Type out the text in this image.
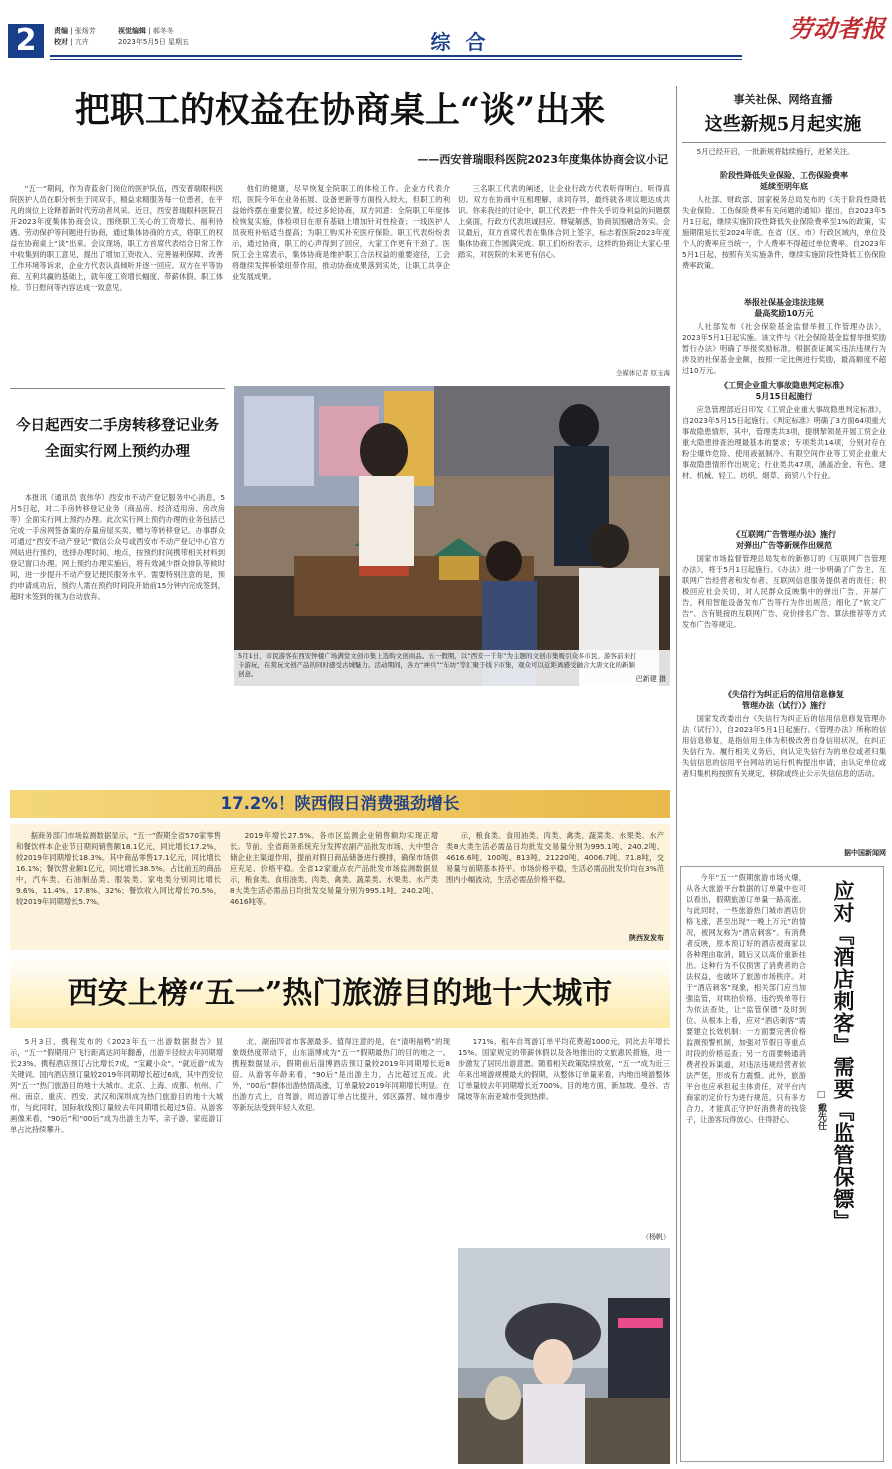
2	责编 | 张炀芳
校对 | 亢卉
视觉编辑 | 郝冬冬
2023年5月5日 星期五	综 合	劳动者报
把职工的权益在协商桌上“谈”出来
——西安普瑞眼科医院2023年度集体协商会议小记

“五一”期间，作为青蓝舍门岗位的医护队伍，西安普瑞眼科医院医护人员在职分析坐于同双手，精益求精服务每一位患者，在平凡的岗位上诠释着新时代劳动者风采。近日，西安普瑞眼科医院召开2023年度集体协商会议，围绕职工关心的工资增长、福利待遇、劳动保护等问题进行协商，通过集体协商的方式，将职工的权益在协商桌上“谈”出来。会议现场，职工方首席代表结合日常工作中收集到的职工意见，提出了增加工资收入、完善福利保障、改善工作环境等诉求，企业方代表认真倾听并逐一回应。双方在平等协商、互利共赢的基础上，就年度工资增长幅度、带薪休假、职工体检、节日慰问等内容达成一致意见。

他们的健康，尽早恢复全院职工的体检工作。企业方代表介绍，医院今年在业务拓展、设备更新等方面投入较大，但职工的利益始终摆在重要位置。经过多轮协商，双方同意：全院职工年度体检恢复实施，体检项目在原有基础上增加针对性检查；一线医护人员夜班补贴适当提高；为职工购买补充医疗保险。职工代表纷纷表示，通过协商，职工的心声得到了回应，大家工作更有干劲了。医院工会主席表示，集体协商是维护职工合法权益的重要途径，工会将继续发挥桥梁纽带作用，推动协商成果落到实处，让职工共享企业发展成果。

三名职工代表的阐述，让企业行政方代表听得明白、听得真切。双方在协商中互相理解、求同存异，最终就各项议题达成共识。你来我往的讨论中，职工代表把一件件关乎切身利益的问题摆上桌面，行政方代表坦诚回应、释疑解惑，协商氛围融洽务实。会议最后，双方首席代表在集体合同上签字，标志着医院2023年度集体协商工作圆满完成。职工们纷纷表示，这样的协商让大家心里踏实，对医院的未来更有信心。

全媒体记者 原玉海
今日起西安二手房转移登记业务
全面实行网上预约办理

本报讯（通讯员 袁伟华）西安市不动产登记服务中心消息，5月5日起，对二手房转移登记业务（商品房、经济适用房、房改房等）全面实行网上预约办理。此次实行网上预约办理的业务包括已完成一手房网签备案的存量房屋买卖、赠与等转移登记。办事群众可通过“西安不动产登记”微信公众号或西安市不动产登记中心官方网站进行预约，选择办理时间、地点，按预约时间携带相关材料到登记窗口办理。网上预约办理实施后，将有效减少群众排队等候时间，进一步提升不动产登记便民服务水平。需要特别注意的是，预约申请成功后，预约人需在预约时间段开始前15分钟内完成签到，超时未签到的视为自动放弃。

5月1日，市民游客在西安钟楼广场满堂文创市集上选购文创商品。五一假期，以“西安一千年”为主题的文创市集吸引众多市民、游客前来打卡游玩，在赏玩文创产品的同时感受古城魅力。活动期间，各方“神兵”“车坊”等汇聚于线下市集，观众可以近距离感受融合大唐文化的新颖创意。
巴新建 摄
17.2%！陕西假日消费强劲增长

据商务部门市场监测数据显示，“五一”假期全省570家零售和餐饮样本企业节日期间销售额18.1亿元，同比增长17.2%，较2019年同期增长18.3%。其中商品零售17.1亿元，同比增长16.1%；餐饮营业额1亿元，同比增长38.5%。占比前五的商品中，汽车类、石油制品类、服装类、家电类分别同比增长9.6%、11.4%、17.8%、32%；餐饮收入同比增长70.5%，较2019年同期增长5.7%。

2019年增长27.5%。各市区监测企业销售额均实现正增长。节前，全省商务系统充分发挥农副产品批发市场、大中型合储企业主渠道作用，提前对假日商品储备进行摸排，确保市场供应充足、价格平稳。全省12家重点农产品批发市场监测数据显示，粮食类、食用油类、肉类、禽类、蔬菜类、水果类、水产类8大类生活必需品日均批发交易量分别为995.1吨、240.2吨、4616吨等。

示，粮食类、食用油类、肉类、禽类、蔬菜类、水果类、水产类8大类生活必需品日均批发交易量分别为995.1吨、240.2吨、4616.6吨、100吨、813吨、21220吨、4006.7吨、71.8吨，交易量与前期基本持平。市场价格平稳，生活必需品批发价均在3%范围内小幅波动，生活必需品价格平稳。

陕西发发布
西安上榜“五一”热门旅游目的地十大城市

5月3日，携程发布的《2023年五一出游数据报告》显示，“五一”假期用户飞行距离达同年翻番，出游半径较去年同期增长23%。携程酒店预订占比增长7成，“宝藏小众”、“就近游”成为关键词。国内酒店预订量较2019年同期增长超过6成，其中西安位列“五一”热门旅游目的地十大城市。北京、上海、成都、杭州、广州、南京、重庆、西安、武汉和深圳成为热门旅游目的地十大城市，与此同时，国际航线预订量较去年同期增长超过5倍。从游客画像来看，“90后”和“00后”成为出游主力军，亲子游、家庭游订单占比持续攀升。

北、湖南四省市客源最多。值得注意的是，在“清明福鸭”的现象级热度带动下，山东淄博成为“五一”假期最热门的目的地之一。携程数据显示，假期前后淄博酒店预订量较2019年同期增长近8倍。从游客年龄来看，“90后”是出游主力，占比超过五成。此外，“00后”群体出游热情高涨，订单量较2019年同期增长明显。在出游方式上，自驾游、周边游订单占比提升，郊区露营、城市漫步等新玩法受到年轻人欢迎。

171%。租车自驾游订单平均花费超1000元，同比去年增长15%。国家规定的带薪休假以及各地推出的文旅惠民措施，进一步激发了居民出游意愿。随着相关政策陆续放宽，“五一”成为近三年来出境游规模最大的假期，从整体订单量来看，内地出境游整体订单量较去年同期增长近700%。目的地方面，新加坡、曼谷、吉隆坡等东南亚城市受到热捧。

（杨帆）
事关社保、网络直播
这些新规5月起实施

5月已经开启，一批新规将陆续施行，赶紧关注。

阶段性降低失业保险、工伤保险费率
延续至明年底

人社部、财政部、国家税务总局发布的《关于阶段性降低失业保险、工伤保险费率有关问题的通知》提出，自2023年5月1日起，继续实施阶段性降低失业保险费率至1%的政策，实施期限延长至2024年底。在省（区、市）行政区域内，单位及个人的费率应当统一，个人费率不得超过单位费率。自2023年5月1日起，按照有关实施条件，继续实施阶段性降低工伤保险费率政策。

举报社保基金违法违规
最高奖励10万元

人社部发布《社会保险基金监督举报工作管理办法》，2023年5月1日起实施。该文件与《社会保险基金监督举报奖励暂行办法》明确了举报奖励标准，根据查证属实违法违规行为涉及的社保基金金额，按照一定比例进行奖励，最高额度不超过10万元。

《工贸企业重大事故隐患判定标准》
5月15日起施行

应急管理部近日印发《工贸企业重大事故隐患判定标准》，自2023年5月15日起施行。《判定标准》明确了3方面64项重大事故隐患情形，其中，管理类共3项，提纲挈领是开展工贸企业重大隐患排查治理最基本的要求；专项类共14项，分别对存在粉尘爆炸危险、使用液氨制冷、有限空间作业等工贸企业重大事故隐患情形作出规定；行业类共47项，涵盖冶金、有色、建材、机械、轻工、纺织、烟草、商贸八个行业。

《互联网广告管理办法》施行
对弹出广告等新规作出规范

国家市场监督管理总局发布的新修订的《互联网广告管理办法》，将于5月1日起施行。《办法》进一步明确了广告主、互联网广告经营者和发布者、互联网信息服务提供者的责任；积极回应社会关切，对人民群众反映集中的弹出广告、开屏广告，利用智能设备发布广告等行为作出规范；细化了“软文广告”、含有链接的互联网广告、竞价排名广告、算法推荐等方式发布广告等规定。

《失信行为纠正后的信用信息修复
管理办法（试行）》施行

国家发改委出台《失信行为纠正后的信用信息修复管理办法（试行）》，自2023年5月1日起施行。《管理办法》所称的信用信息修复，是指信用主体为积极改善自身信用状况，在纠正失信行为、履行相关义务后，向认定失信行为的单位或者归集失信信息的信用平台网站的运行机构提出申请，由认定单位或者归集机构按照有关规定，移除或终止公示失信信息的活动。

据中国新闻网

今年“五一”假期旅游市场火爆，从各大旅游平台数据的订单量中也可以看出，假期旅游订单量一路高涨。与此同时，一些旅游热门城市酒店价格飞涨，甚至出现“一晚上万元”的情况，被网友称为“酒店刺客”。有消费者反映，原本预订好的酒店被商家以各种理由取消，随后又以高价重新挂出。这种行为不仅损害了消费者的合法权益，也破坏了旅游市场秩序。对于“酒店刺客”现象，相关部门应当加强监管，对哄抬价格、违约毁单等行为依法查处，让“监管保镖”及时到位。从根本上看，应对“酒店刺客”需要建立长效机制：一方面要完善价格监测预警机制，加强对节假日等重点时段的价格巡查；另一方面要畅通消费者投诉渠道，对违法违规经营者依法严惩，形成有力震慑。此外，旅游平台也应承担起主体责任，对平台内商家的定价行为进行规范。只有多方合力，才能真正守护好消费者的钱袋子，让游客玩得放心、住得舒心。	应对『酒店刺客』需要『监管保镖』
□ 戴先任
